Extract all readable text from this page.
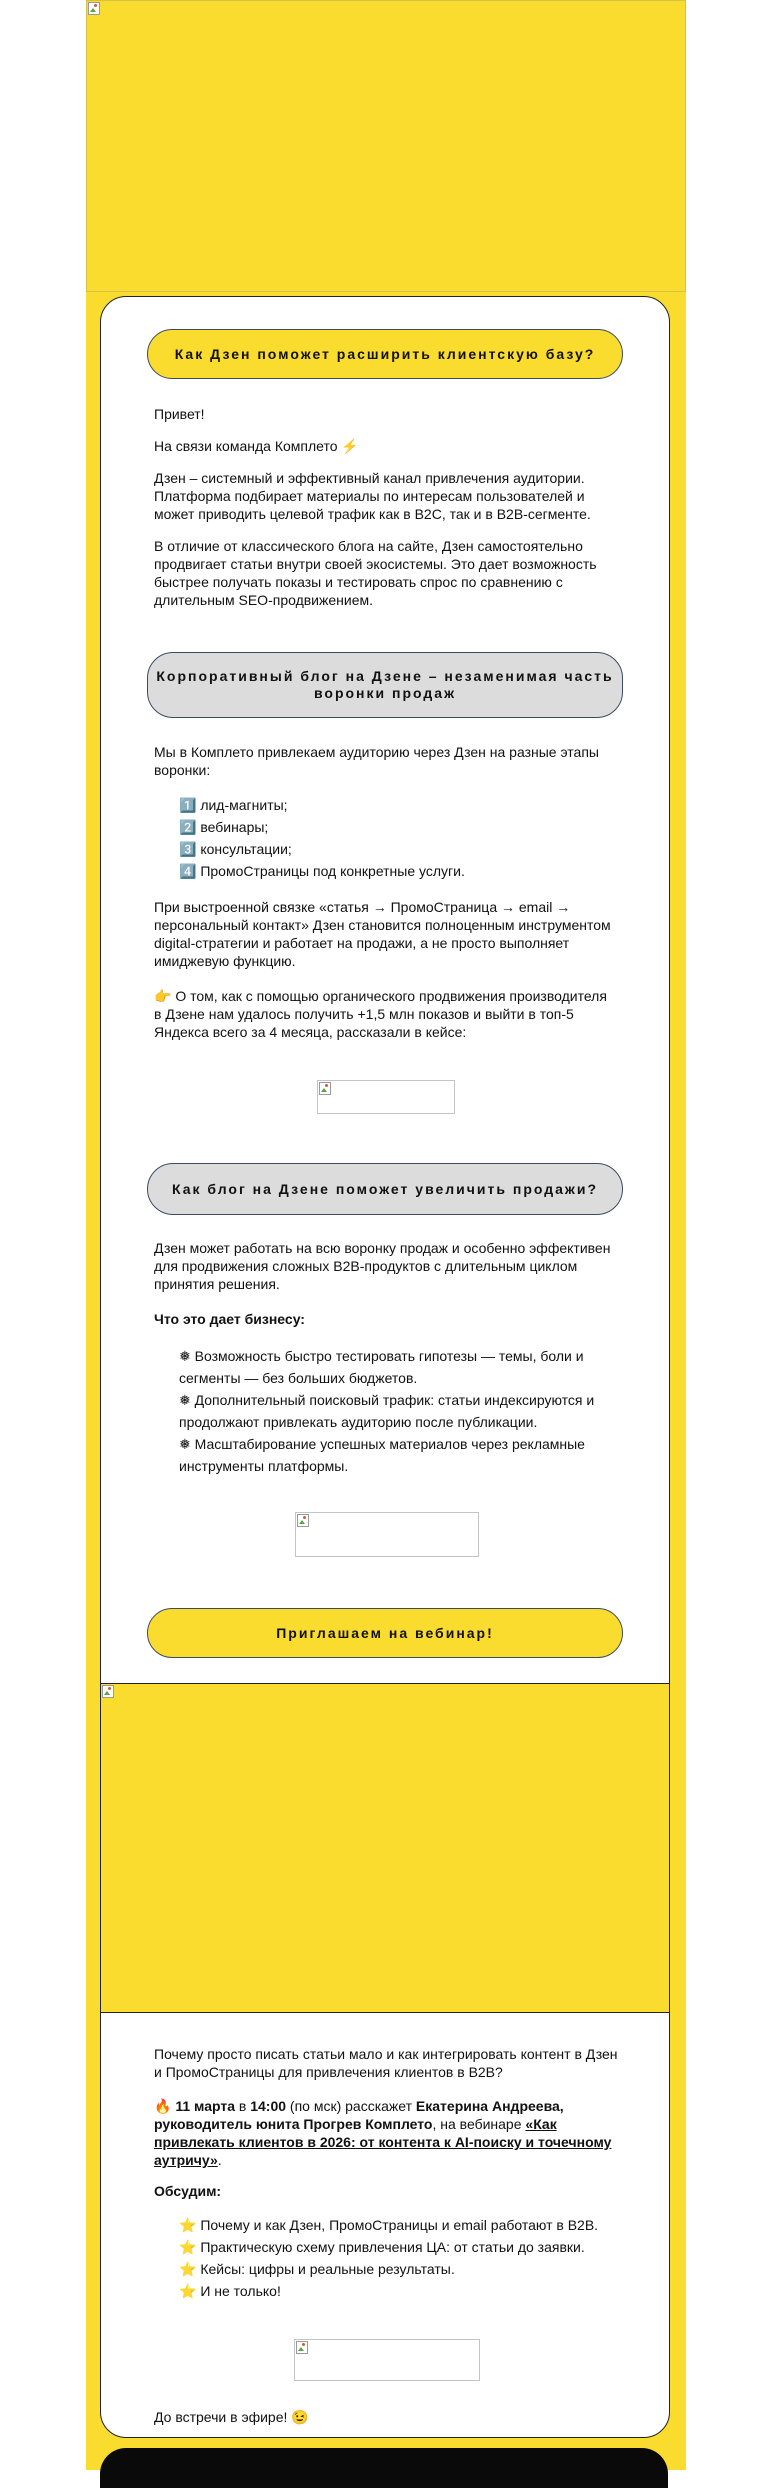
Как Дзен поможет расширить клиентскую базу?

Привет!

На связи команда Комплето ⚡

Дзен – системный и эффективный канал привлечения аудитории. Платформа подбирает материалы по интересам пользователей и может приводить целевой трафик как в B2C, так и в B2B-сегменте.

В отличие от классического блога на сайте, Дзен самостоятельно продвигает статьи внутри своей экосистемы. Это дает возможность быстрее получать показы и тестировать спрос по сравнению с длительным SEO-продвижением.

Корпоративный блог на Дзене – незаменимая часть воронки продаж

Мы в Комплето привлекаем аудиторию через Дзен на разные этапы воронки:

1️⃣ лид-магниты;
2️⃣ вебинары;
3️⃣ консультации;
4️⃣ ПромоСтраницы под конкретные услуги.

При выстроенной связке «статья → ПромоСтраница → email → персональный контакт» Дзен становится полноценным инструментом digital-стратегии и работает на продажи, а не просто выполняет имиджевую функцию.

👉 О том, как с помощью органического продвижения производителя в Дзене нам удалось получить +1,5 млн показов и выйти в топ-5 Яндекса всего за 4 месяца, рассказали в кейсе:

Как блог на Дзене поможет увеличить продажи?

Дзен может работать на всю воронку продаж и особенно эффективен для продвижения сложных B2B-продуктов с длительным циклом принятия решения.

Что это дает бизнесу:

❅ Возможность быстро тестировать гипотезы — темы, боли и сегменты — без больших бюджетов.
❅ Дополнительный поисковый трафик: статьи индексируются и продолжают привлекать аудиторию после публикации.
❅ Масштабирование успешных материалов через рекламные инструменты платформы.
Приглашаем на вебинар!

Почему просто писать статьи мало и как интегрировать контент в Дзен и ПромоСтраницы для привлечения клиентов в B2B?

🔥 11 марта в 14:00 (по мск) расскажет Екатерина Андреева, руководитель юнита Прогрев Комплето, на вебинаре «Как привлекать клиентов в 2026: от контента к AI-поиску и точечному аутричу».

Обсудим:

⭐ Почему и как Дзен, ПромоСтраницы и email работают в B2B.
⭐ Практическую схему привлечения ЦА: от статьи до заявки.
⭐ Кейсы: цифры и реальные результаты.
⭐ И не только!

До встречи в эфире! 😉
